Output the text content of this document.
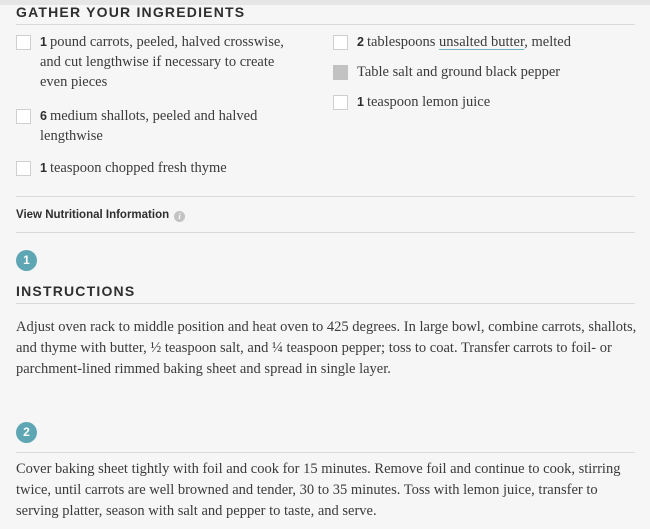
GATHER YOUR INGREDIENTS
1 pound carrots, peeled, halved crosswise, and cut lengthwise if necessary to create even pieces
6 medium shallots, peeled and halved lengthwise
1 teaspoon chopped fresh thyme
2 tablespoons unsalted butter, melted
Table salt and ground black pepper
1 teaspoon lemon juice
View Nutritional Information i
1
INSTRUCTIONS

Adjust oven rack to middle position and heat oven to 425 degrees. In large bowl, combine carrots, shallots, and thyme with butter, ½ teaspoon salt, and ¼ teaspoon pepper; toss to coat. Transfer carrots to foil- or parchment-lined rimmed baking sheet and spread in single layer.

2

Cover baking sheet tightly with foil and cook for 15 minutes. Remove foil and continue to cook, stirring twice, until carrots are well browned and tender, 30 to 35 minutes. Toss with lemon juice, transfer to serving platter, season with salt and pepper to taste, and serve.
